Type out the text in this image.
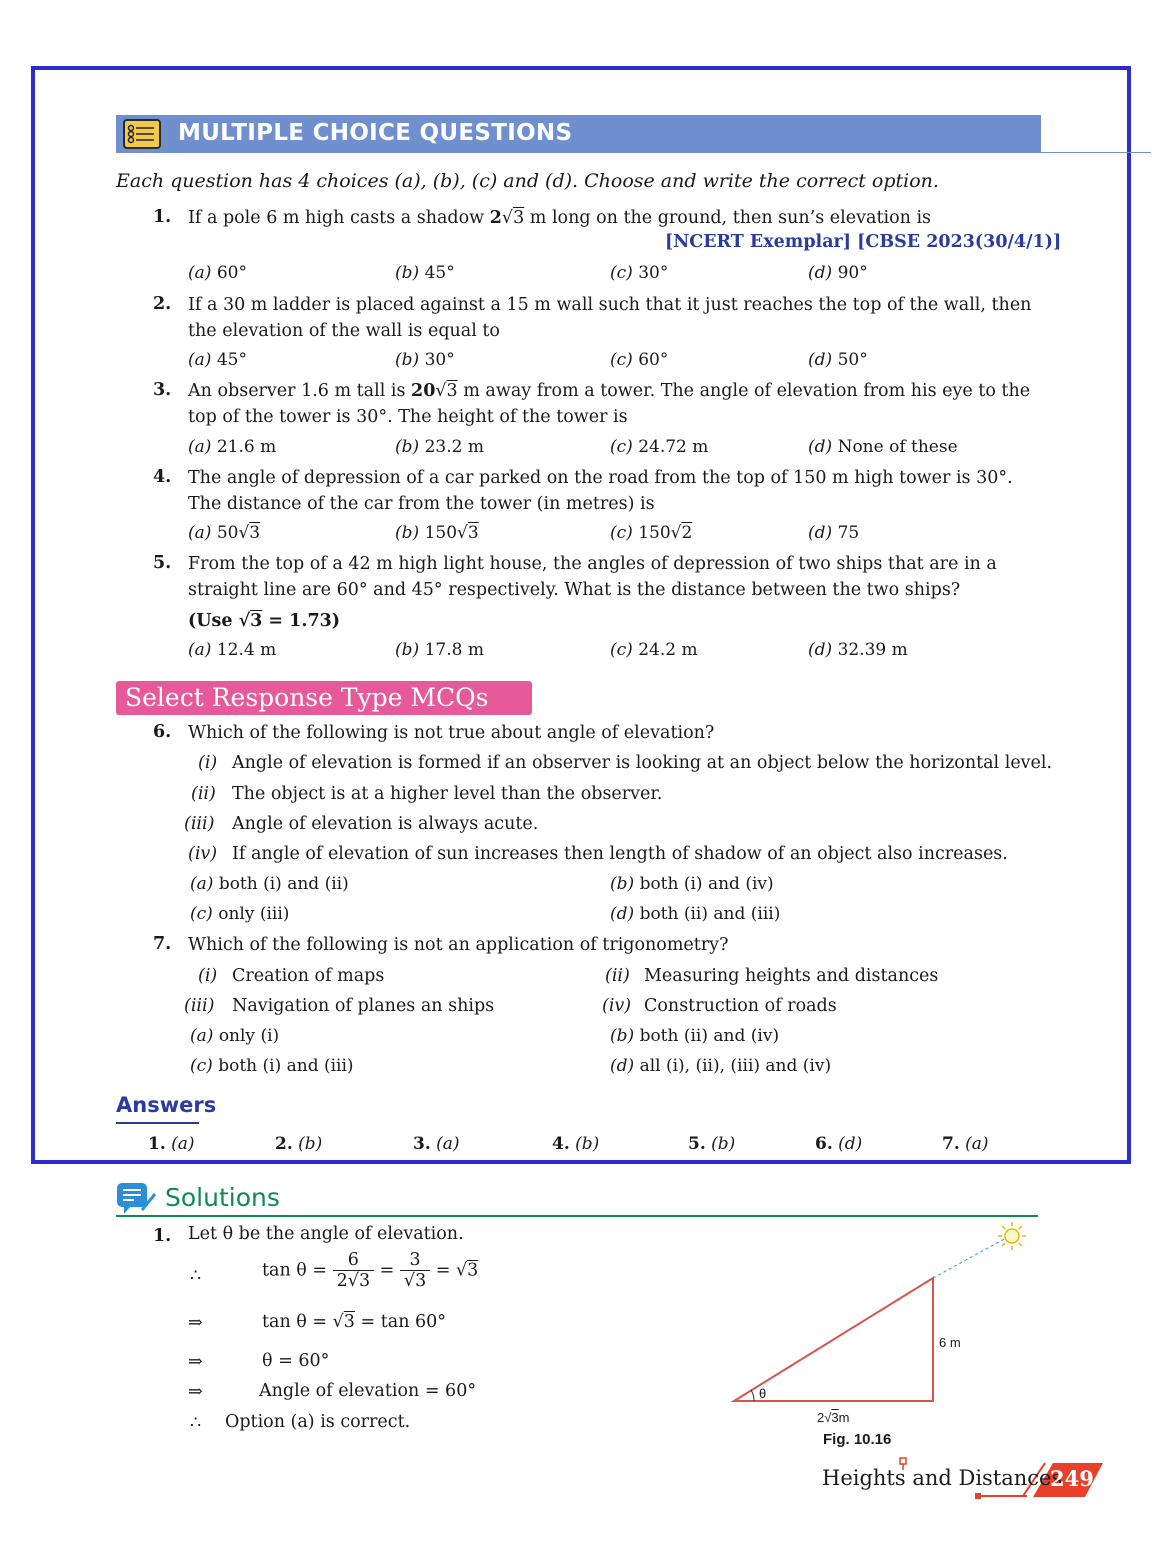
MULTIPLE CHOICE QUESTIONS
Each question has 4 choices (a), (b), (c) and (d). Choose and write the correct option.
1. If a pole 6 m high casts a shadow 2√3 m long on the ground, then sun’s elevation is
[NCERT Exemplar] [CBSE 2023(30/4/1)]
(a) 60°	(b) 45°	(c) 30°	(d) 90°
2. If a 30 m ladder is placed against a 15 m wall such that it just reaches the top of the wall, then
the elevation of the wall is equal to
(a) 45°	(b) 30°	(c) 60°	(d) 50°
3. An observer 1.6 m tall is 20√3 m away from a tower. The angle of elevation from his eye to the
top of the tower is 30°. The height of the tower is
(a) 21.6 m	(b) 23.2 m	(c) 24.72 m	(d) None of these
4. The angle of depression of a car parked on the road from the top of 150 m high tower is 30°.
The distance of the car from the tower (in metres) is
(a) 50√3	(b) 150√3	(c) 150√2	(d) 75
5. From the top of a 42 m high light house, the angles of depression of two ships that are in a
straight line are 60° and 45° respectively. What is the distance between the two ships?
(Use √3 = 1.73)
(a) 12.4 m	(b) 17.8 m	(c) 24.2 m	(d) 32.39 m
Select Response Type MCQs
6. Which of the following is not true about angle of elevation?
(i) Angle of elevation is formed if an observer is looking at an object below the horizontal level.
(ii) The object is at a higher level than the observer.
(iii) Angle of elevation is always acute.
(iv) If angle of elevation of sun increases then length of shadow of an object also increases.
(a) both (i) and (ii)	(b) both (i) and (iv)
(c) only (iii)	(d) both (ii) and (iii)
7. Which of the following is not an application of trigonometry?
(i) Creation of maps	(ii) Measuring heights and distances
(iii) Navigation of planes an ships	(iv) Construction of roads
(a) only (i)	(b) both (ii) and (iv)
(c) both (i) and (iii)	(d) all (i), (ii), (iii) and (iv)
Answers
1. (a)	2. (b)	3. (a)	4. (b)	5. (b)	6. (d)	7. (a)
Solutions
1. Let θ be the angle of elevation.
∴	$\tan \theta = \frac{6}{2√3} = \frac{3}{√3} = √3$
⇒	tan θ = √3 = tan 60°
⇒	θ = 60°
⇒	Angle of elevation = 60°
∴ Option (a) is correct.
6 m
θ
2√3m
Fig. 10.16
Heights and Distances
249
